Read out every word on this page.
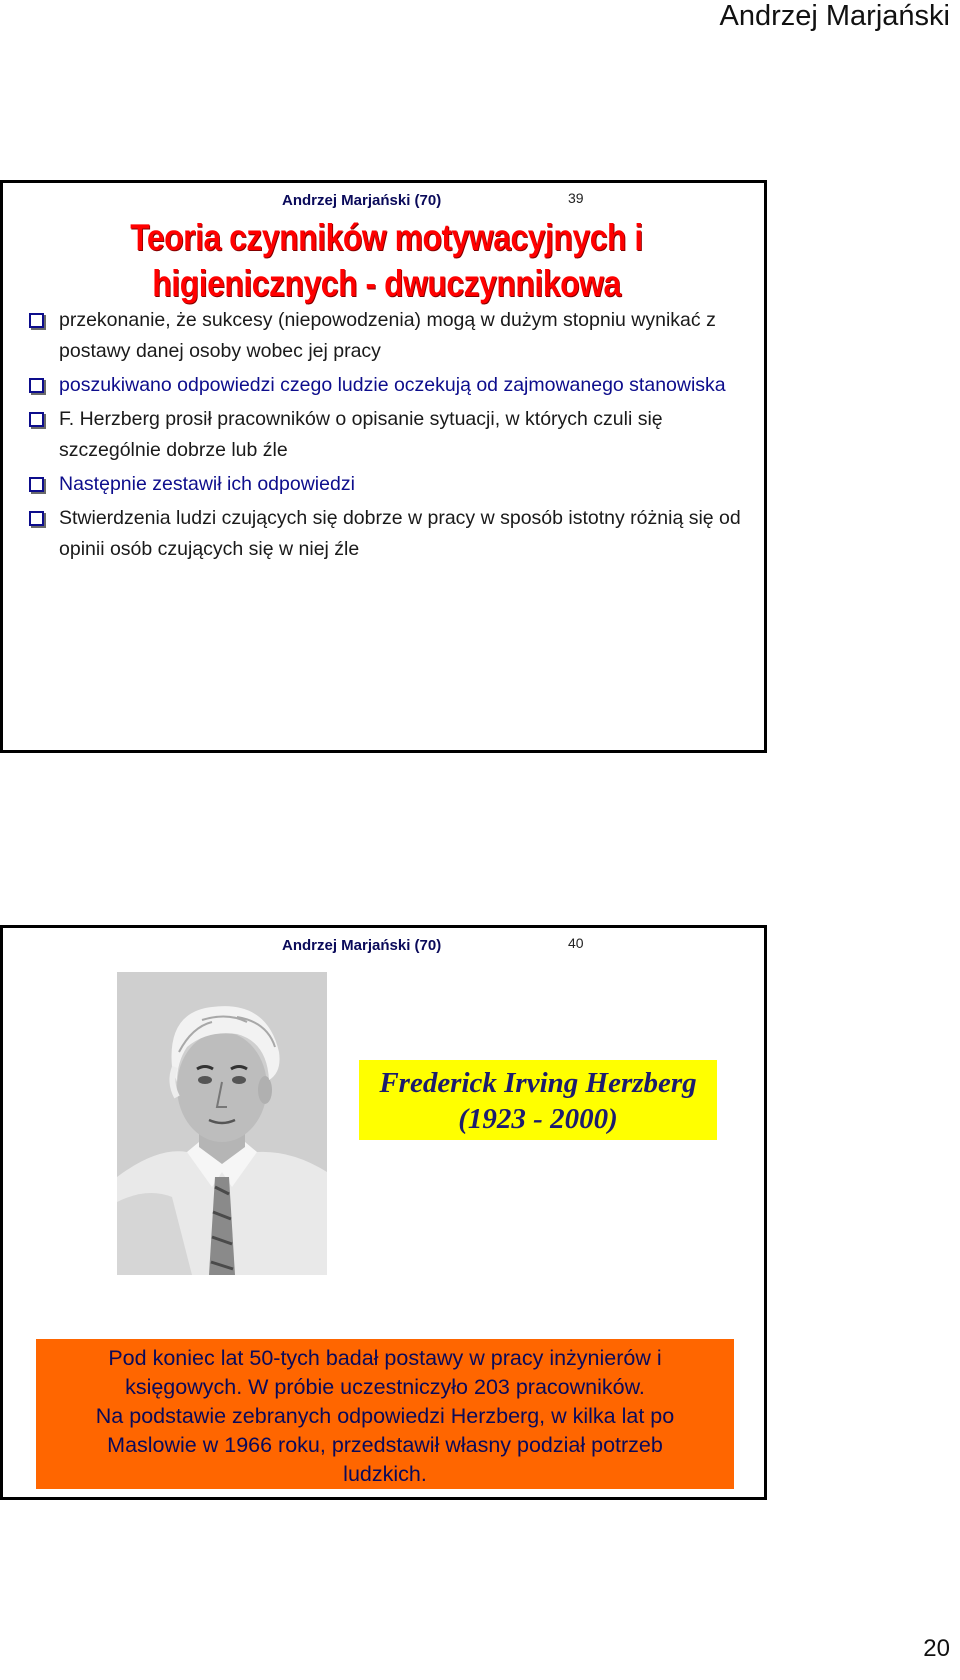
Andrzej Marjański
Andrzej Marjański (70)	39
Teoria czynników motywacyjnych i
higienicznych - dwuczynnikowa
przekonanie, że sukcesy (niepowodzenia) mogą w dużym stopniu wynikać z postawy danej osoby wobec jej pracy
poszukiwano odpowiedzi czego ludzie oczekują od zajmowanego stanowiska
F. Herzberg prosił pracowników o opisanie sytuacji, w których czuli się szczególnie dobrze lub źle
Następnie zestawił ich odpowiedzi
Stwierdzenia ludzi czujących się dobrze w pracy w sposób istotny różnią się od opinii osób czujących się w niej źle
Andrzej Marjański (70)	40
Frederick Irving Herzberg
(1923 - 2000)
Pod koniec lat 50-tych badał postawy w pracy inżynierów i
księgowych. W próbie uczestniczyło 203 pracowników.
Na podstawie zebranych odpowiedzi Herzberg, w kilka lat po
Maslowie w 1966 roku, przedstawił własny podział potrzeb
ludzkich.
20
